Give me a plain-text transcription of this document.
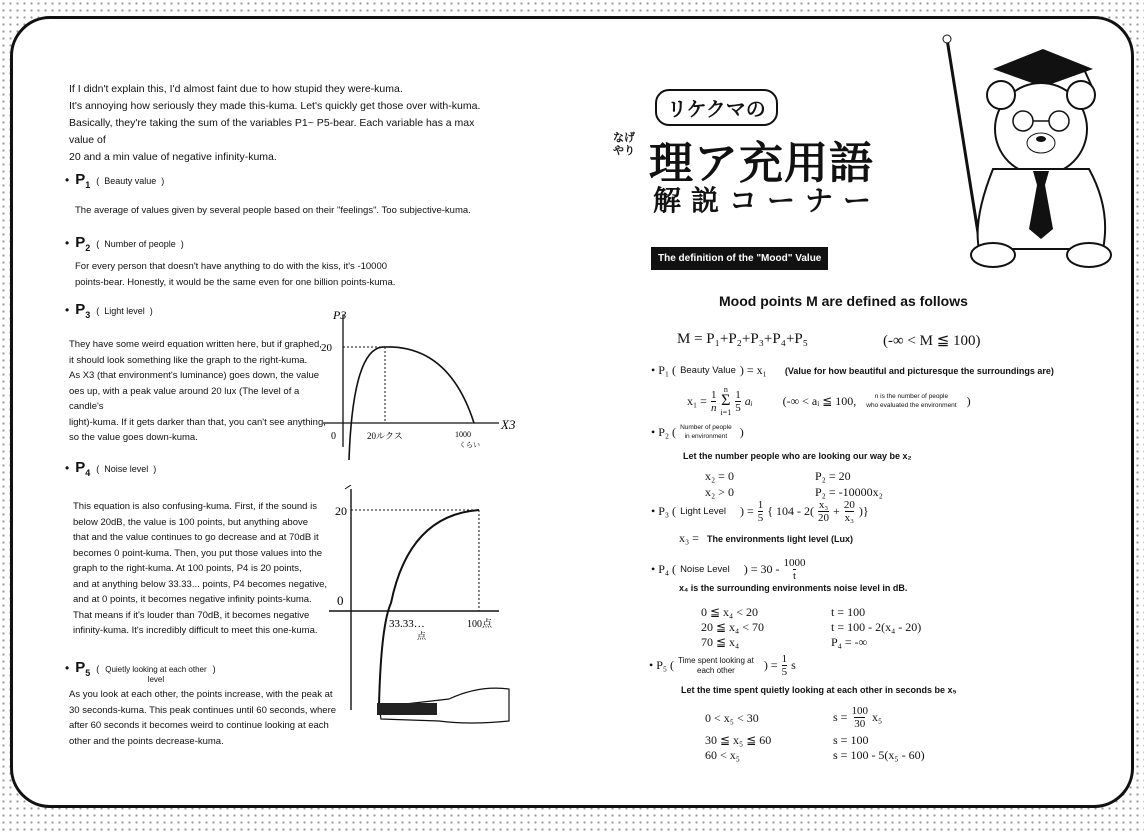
If I didn't explain this, I'd almost faint due to how stupid they were-kuma.
It's annoying how seriously they made this-kuma. Let's quickly get those over with-kuma.
Basically, they're taking the sum of the variables P1~ P5-bear. Each variable has a max value of
20 and a min value of negative infinity-kuma.
• $P_1$ (  Beauty value  )
The average of values given by several people based on their "feelings". Too subjective-kuma.
• $P_2$ (  Number of people  )
For every person that doesn't have anything to do with the kiss, it's -10000
points-bear. Honestly, it would be the same even for one billion points-kuma.
• $P_3$ (  Light level  )
They have some weird equation written here, but if graphed,
it should look something like the graph to the right-kuma.
As X3 (that environment's luminance) goes down, the value
oes up, with a peak value around 20 lux (The level of a candle's
light)-kuma. If it gets darker than that, you can't see anything,
so the value goes down-kuma.
P3
20
0	20ルクス	1000
くらい
X3
• $P_4$ (  Noise level  )
This equation is also confusing-kuma. First, if the sound is
below 20dB, the value is 100 points, but anything above
that and the value continues to go decrease and at 70dB it
becomes 0 point-kuma. Then, you put those values into the
graph to the right-kuma. At 100 points, P4 is 20 points,
and at anything below 33.33... points, P4 becomes negative,
and at 0 points, it becomes negative infinity points-kuma.
That means if it's louder than 70dB, it becomes negative
infinity-kuma. It's incredibly difficult to meet this one-kuma.
20
0
33.33…
点
100点
• $P_5$ ( Quietly looking at each other
level
)
As you look at each other, the points increase, with the peak at
30 seconds-kuma. This peak continues until 60 seconds, where
after 60 seconds it becomes weird to continue looking at each
other and the points decrease-kuma.
リケクマの
なげ
やり 理ア充用語
解説コーナー
The definition of the "Mood" Value
Mood points M are defined as follows
M = P₁+P₂+P₃+P₄+P₅	(-∞ < M ≦ 100)
• P₁ ( Beauty Value ) = x₁ (Value for how beautiful and picturesque the surroundings are)
$x_1 = \frac{1}{n}$ n
Σ
i=1
1
5 aᵢ	(-∞ < aᵢ ≦ 100,	n is the number of people
who evaluated the environment )
• P₂ ( Number of people
in environment	)
Let the number people who are looking our way be x₂
x₂ = 0	P₂ = 20
x₂ > 0	P₂ = -10000x₂
• P₃ ( Light Level ) = $\frac{1}{5}$ { 104 - 2( x₃
$20 + \frac{20}{\text{x₃}}$ )}
x₃ = The environments light level (Lux)
• P₄ ( Noise Level ) = 30 - 1000
t
x₄ is the surrounding environments noise level in dB.
0 ≦ x₄ < 20	t = 100
20 ≦ x₄ < 70	t = 100 - 2(x₄ - 20)
70 ≦ x₄	P₄ = -∞
• P₅ ( Time spent looking at
each other	) = $\frac{1}{5}$ s
Let the time spent quietly looking at each other in seconds be x₅
0 < x₅ < 30	$s = \frac{100}{30} x_5$
30 ≦ x₅ ≦ 60	s = 100
60 < x₅	s = 100 - 5(x₅ - 60)
